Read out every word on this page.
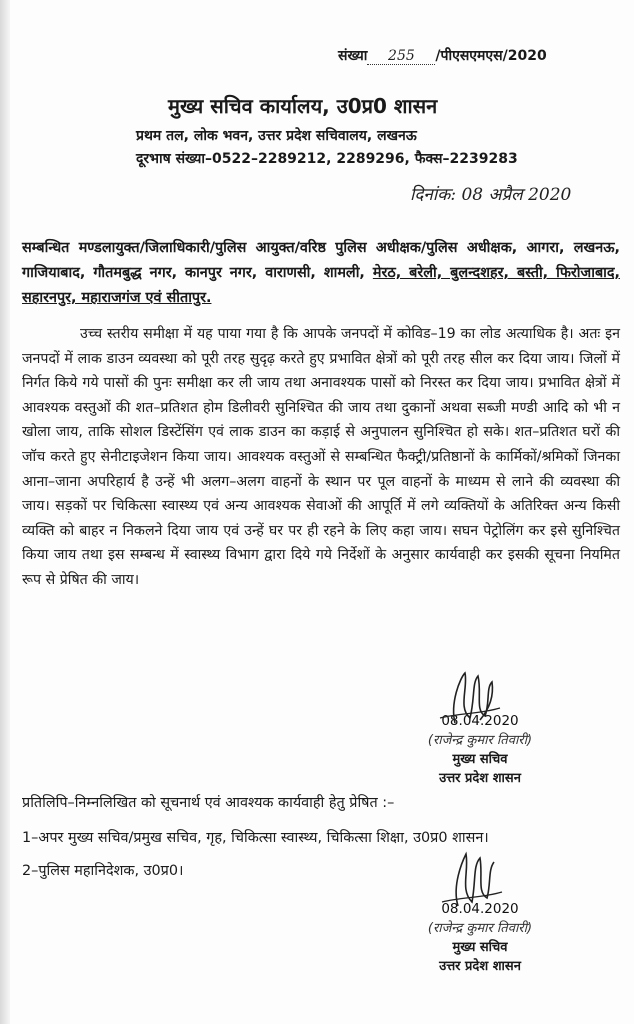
संख्या 255 /पीएसएमएस/2020
मुख्य सचिव कार्यालय, उ0प्र0 शासन
प्रथम तल, लोक भवन, उत्तर प्रदेश सचिवालय, लखनऊ
दूरभाष संख्या–0522–2289212, 2289296, फैक्स–2239283
दिनांक: 08 अप्रैल 2020
सम्बन्धित मण्डलायुक्त/जिलाधिकारी/पुलिस आयुक्त/वरिष्ठ पुलिस अधीक्षक/पुलिस अधीक्षक, आगरा, लखनऊ, गाजियाबाद, गौतमबुद्ध नगर, कानपुर नगर, वाराणसी, शामली, मेरठ, बरेली, बुलन्दशहर, बस्ती, फिरोजाबाद, सहारनपुर, महाराजगंज एवं सीतापुर.

उच्च स्तरीय समीक्षा में यह पाया गया है कि आपके जनपदों में कोविड–19 का लोड अत्याधिक है। अतः इन जनपदों में लाक डाउन व्यवस्था को पूरी तरह सुदृढ़ करते हुए प्रभावित क्षेत्रों को पूरी तरह सील कर दिया जाय। जिलों में निर्गत किये गये पासों की पुनः समीक्षा कर ली जाय तथा अनावश्यक पासों को निरस्त कर दिया जाय। प्रभावित क्षेत्रों में आवश्यक वस्तुओं की शत–प्रतिशत होम डिलीवरी सुनिश्चित की जाय तथा दुकानों अथवा सब्जी मण्डी आदि को भी न खोला जाय, ताकि सोशल डिस्टेंसिंग एवं लाक डाउन का कड़ाई से अनुपालन सुनिश्चित हो सके। शत–प्रतिशत घरों की जॉच करते हुए सेनीटाइजेशन किया जाय। आवश्यक वस्तुओं से सम्बन्धित फैक्ट्री/प्रतिष्ठानों के कार्मिकों/श्रमिकों जिनका आना–जाना अपरिहार्य है उन्हें भी अलग–अलग वाहनों के स्थान पर पूल वाहनों के माध्यम से लाने की व्यवस्था की जाय। सड़कों पर चिकित्सा स्वास्थ्य एवं अन्य आवश्यक सेवाओं की आपूर्ति में लगे व्यक्तियों के अतिरिक्त अन्य किसी व्यक्ति को बाहर न निकलने दिया जाय एवं उन्हें घर पर ही रहने के लिए कहा जाय। सघन पेट्रोलिंग कर इसे सुनिश्चित किया जाय तथा इस सम्बन्ध में स्वास्थ्य विभाग द्वारा दिये गये निर्देशों के अनुसार कार्यवाही कर इसकी सूचना नियमित रूप से प्रेषित की जाय।

08.04.2020
(राजेन्द्र कुमार तिवारी)
मुख्य सचिव
उत्तर प्रदेश शासन
प्रतिलिपि–निम्नलिखित को सूचनार्थ एवं आवश्यक कार्यवाही हेतु प्रेषित :–
1–अपर मुख्य सचिव/प्रमुख सचिव, गृह, चिकित्सा स्वास्थ्य, चिकित्सा शिक्षा, उ0प्र0 शासन।
2–पुलिस महानिदेशक, उ0प्र0।
08.04.2020
(राजेन्द्र कुमार तिवारी)
मुख्य सचिव
उत्तर प्रदेश शासन
